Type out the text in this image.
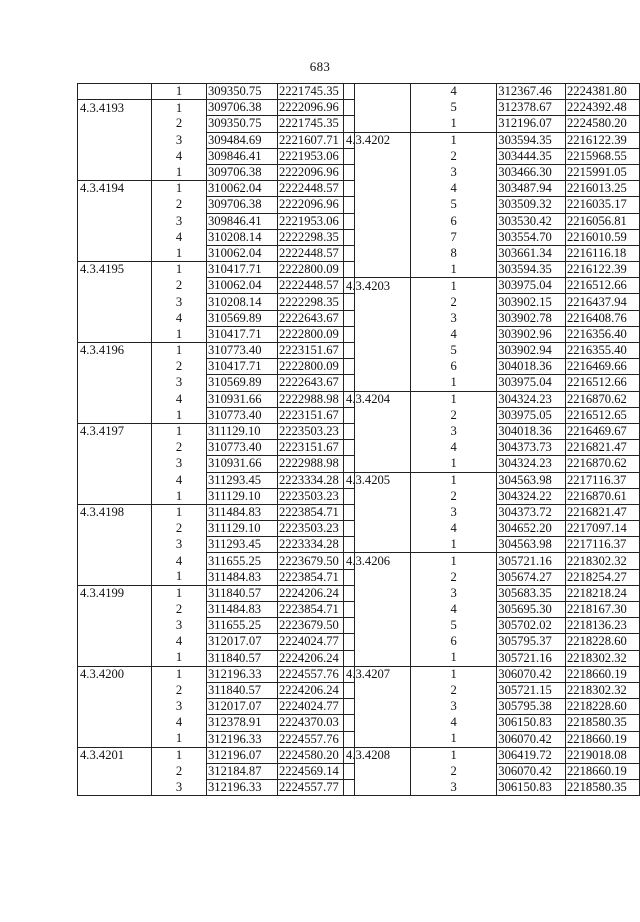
683
	1	309350.75	2221745.35
4.3.4193	1	309706.38	2222096.96
	2	309350.75	2221745.35
	3	309484.69	2221607.71
	4	309846.41	2221953.06
	1	309706.38	2222096.96
4.3.4194	1	310062.04	2222448.57
	2	309706.38	2222096.96
	3	309846.41	2221953.06
	4	310208.14	2222298.35
	1	310062.04	2222448.57
4.3.4195	1	310417.71	2222800.09
	2	310062.04	2222448.57
	3	310208.14	2222298.35
	4	310569.89	2222643.67
	1	310417.71	2222800.09
4.3.4196	1	310773.40	2223151.67
	2	310417.71	2222800.09
	3	310569.89	2222643.67
	4	310931.66	2222988.98
	1	310773.40	2223151.67
4.3.4197	1	311129.10	2223503.23
	2	310773.40	2223151.67
	3	310931.66	2222988.98
	4	311293.45	2223334.28
	1	311129.10	2223503.23
4.3.4198	1	311484.83	2223854.71
	2	311129.10	2223503.23
	3	311293.45	2223334.28
	4	311655.25	2223679.50
	1	311484.83	2223854.71
4.3.4199	1	311840.57	2224206.24
	2	311484.83	2223854.71
	3	311655.25	2223679.50
	4	312017.07	2224024.77
	1	311840.57	2224206.24
4.3.4200	1	312196.33	2224557.76
	2	311840.57	2224206.24
	3	312017.07	2224024.77
	4	312378.91	2224370.03
	1	312196.33	2224557.76
4.3.4201	1	312196.07	2224580.20
	2	312184.87	2224569.14
	3	312196.33	2224557.77
	4	312367.46	2224381.80
	5	312378.67	2224392.48
	1	312196.07	2224580.20
4.3.4202	1	303594.35	2216122.39
	2	303444.35	2215968.55
	3	303466.30	2215991.05
	4	303487.94	2216013.25
	5	303509.32	2216035.17
	6	303530.42	2216056.81
	7	303554.70	2216010.59
	8	303661.34	2216116.18
	1	303594.35	2216122.39
4.3.4203	1	303975.04	2216512.66
	2	303902.15	2216437.94
	3	303902.78	2216408.76
	4	303902.96	2216356.40
	5	303902.94	2216355.40
	6	304018.36	2216469.66
	1	303975.04	2216512.66
4.3.4204	1	304324.23	2216870.62
	2	303975.05	2216512.65
	3	304018.36	2216469.67
	4	304373.73	2216821.47
	1	304324.23	2216870.62
4.3.4205	1	304563.98	2217116.37
	2	304324.22	2216870.61
	3	304373.72	2216821.47
	4	304652.20	2217097.14
	1	304563.98	2217116.37
4.3.4206	1	305721.16	2218302.32
	2	305674.27	2218254.27
	3	305683.35	2218218.24
	4	305695.30	2218167.30
	5	305702.02	2218136.23
	6	305795.37	2218228.60
	1	305721.16	2218302.32
4.3.4207	1	306070.42	2218660.19
	2	305721.15	2218302.32
	3	305795.38	2218228.60
	4	306150.83	2218580.35
	1	306070.42	2218660.19
4.3.4208	1	306419.72	2219018.08
	2	306070.42	2218660.19
	3	306150.83	2218580.35
